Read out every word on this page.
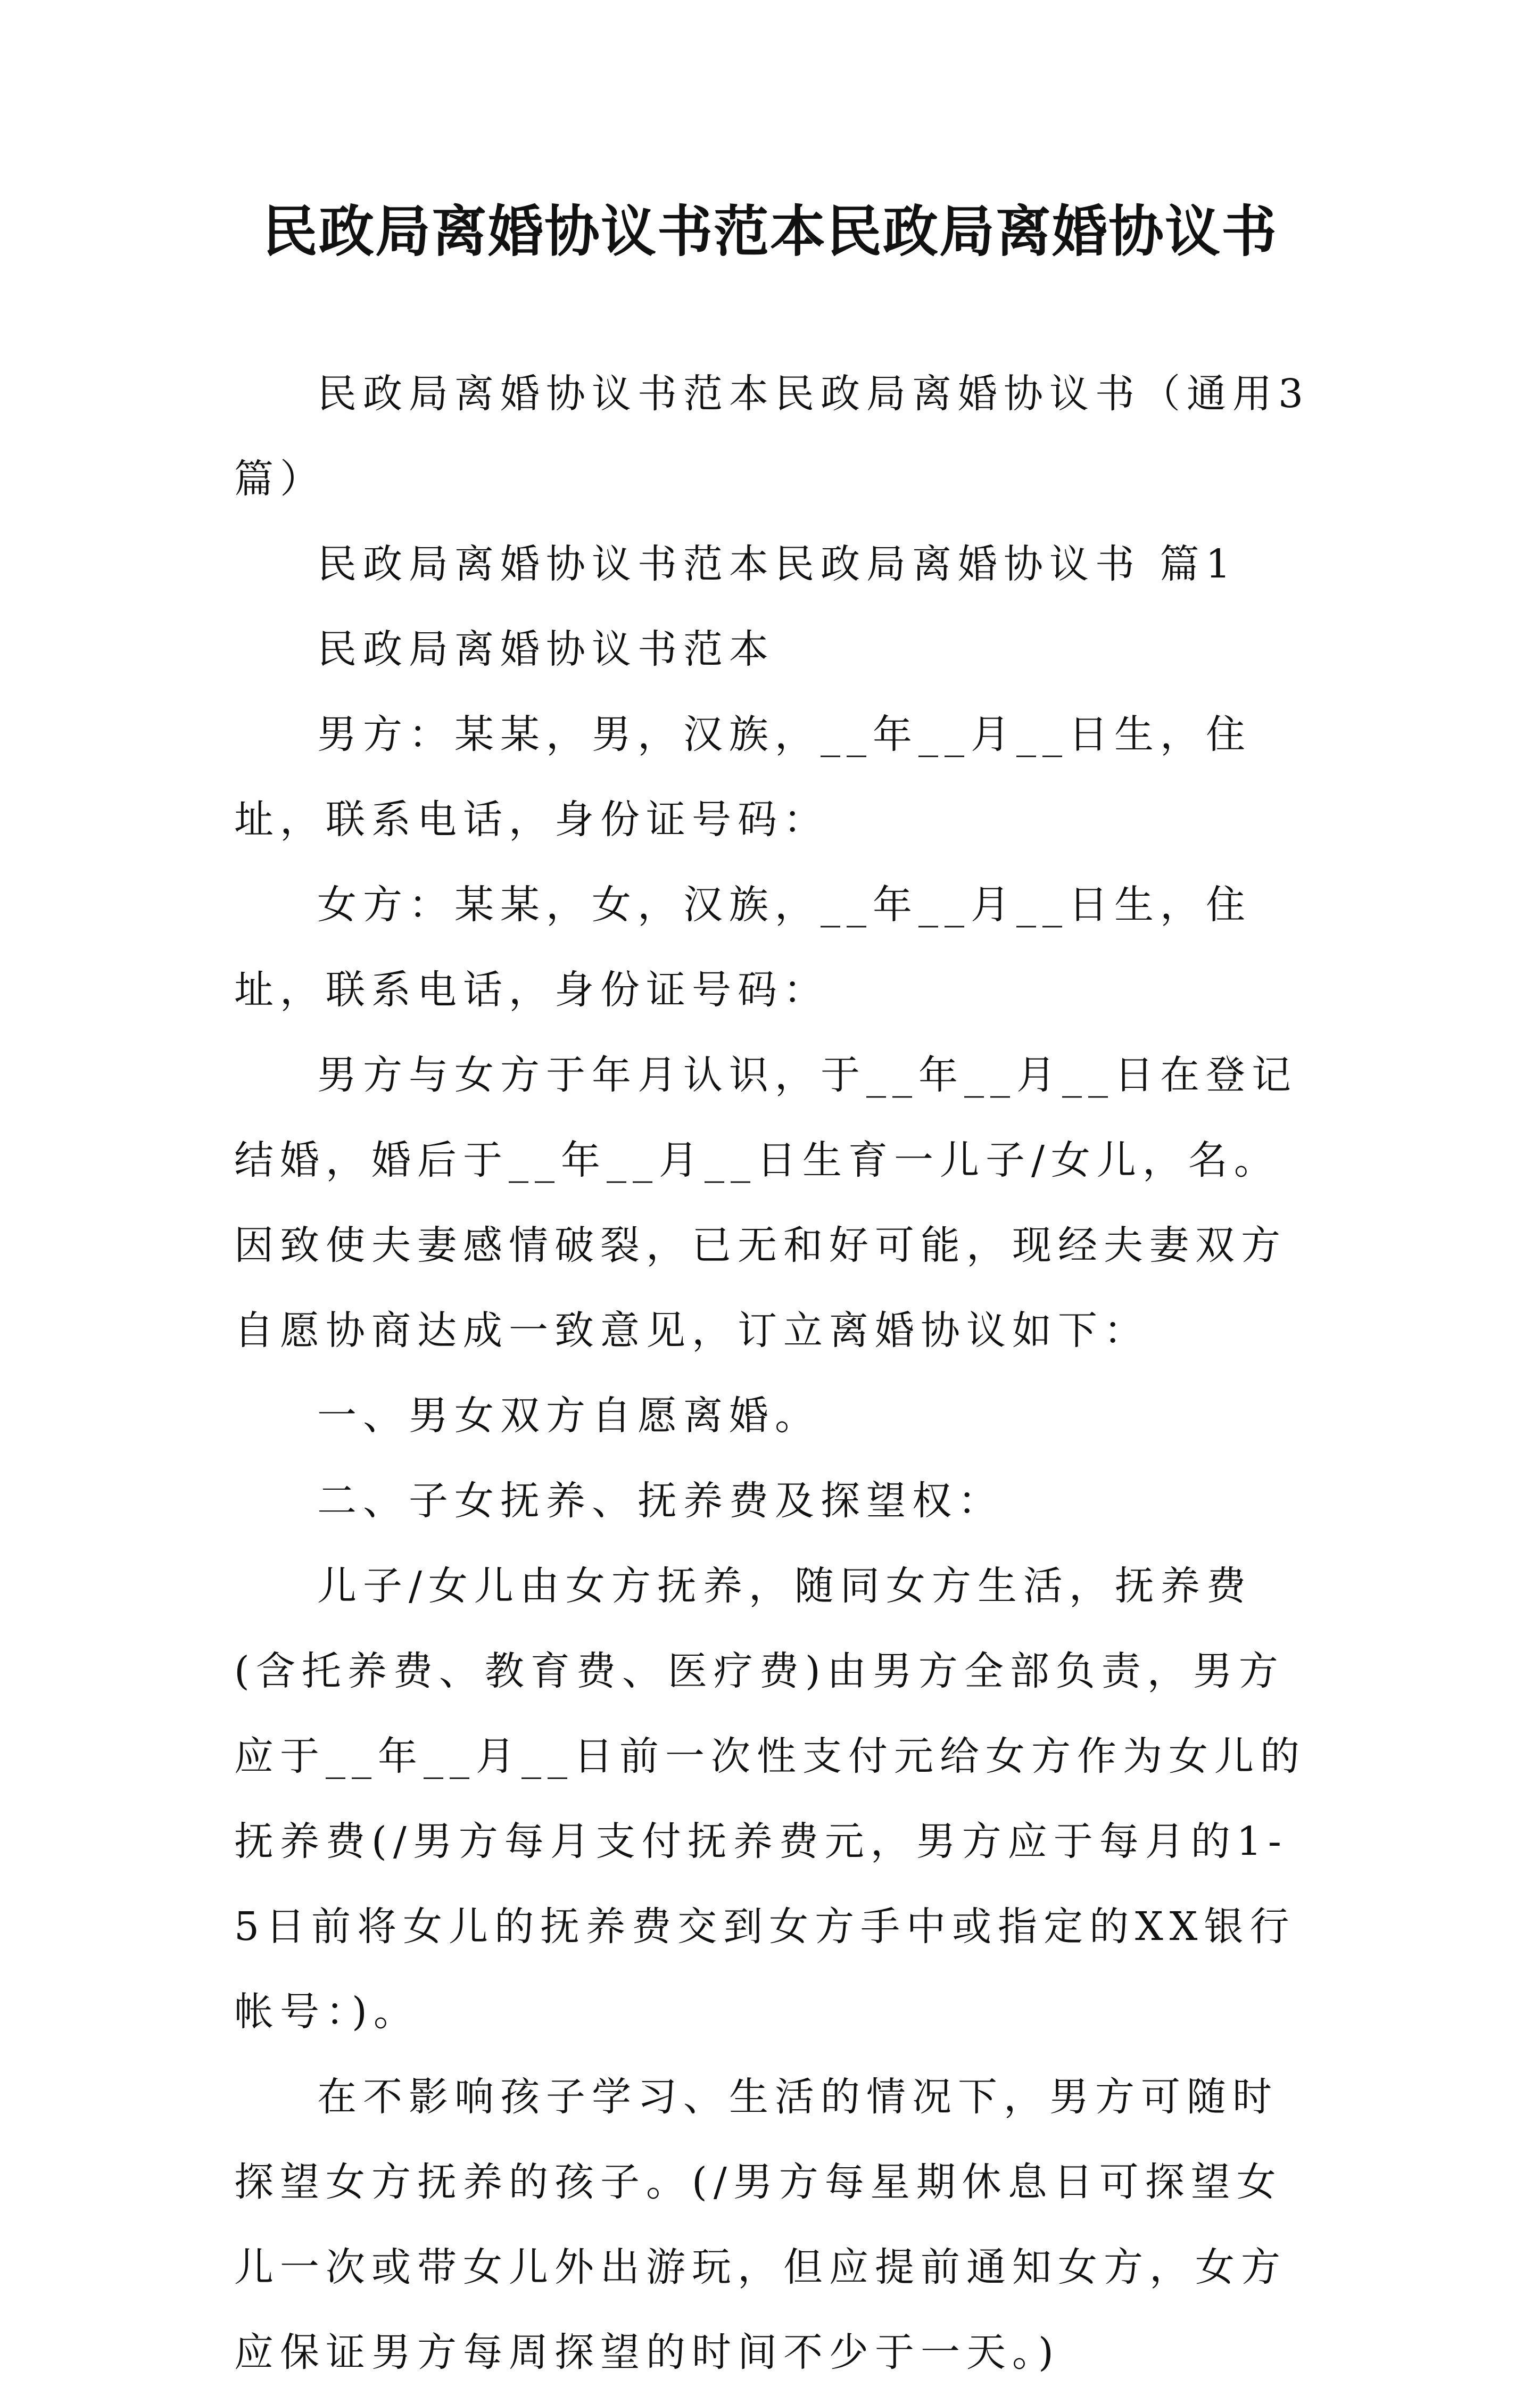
民政局离婚协议书范本民政局离婚协议书

民政局离婚协议书范本民政局离婚协议书（通用3篇）

民政局离婚协议书范本民政局离婚协议书 篇1

民政局离婚协议书范本

男方：某某，男，汉族，__年__月__日生，住址，联系电话，身份证号码：

女方：某某，女，汉族，__年__月__日生，住址，联系电话，身份证号码：

男方与女方于年月认识，于__年__月__日在登记结婚，婚后于__年__月__日生育一儿子/女儿，名。因致使夫妻感情破裂，已无和好可能，现经夫妻双方自愿协商达成一致意见，订立离婚协议如下：

一、男女双方自愿离婚。

二、子女抚养、抚养费及探望权：

儿子/女儿由女方抚养，随同女方生活，抚养费(含托养费、教育费、医疗费)由男方全部负责，男方应于__年__月__日前一次性支付元给女方作为女儿的抚养费(/男方每月支付抚养费元，男方应于每月的1-5日前将女儿的抚养费交到女方手中或指定的XX银行帐号：)。

在不影响孩子学习、生活的情况下，男方可随时探望女方抚养的孩子。(/男方每星期休息日可探望女儿一次或带女儿外出游玩，但应提前通知女方，女方应保证男方每周探望的时间不少于一天。)
